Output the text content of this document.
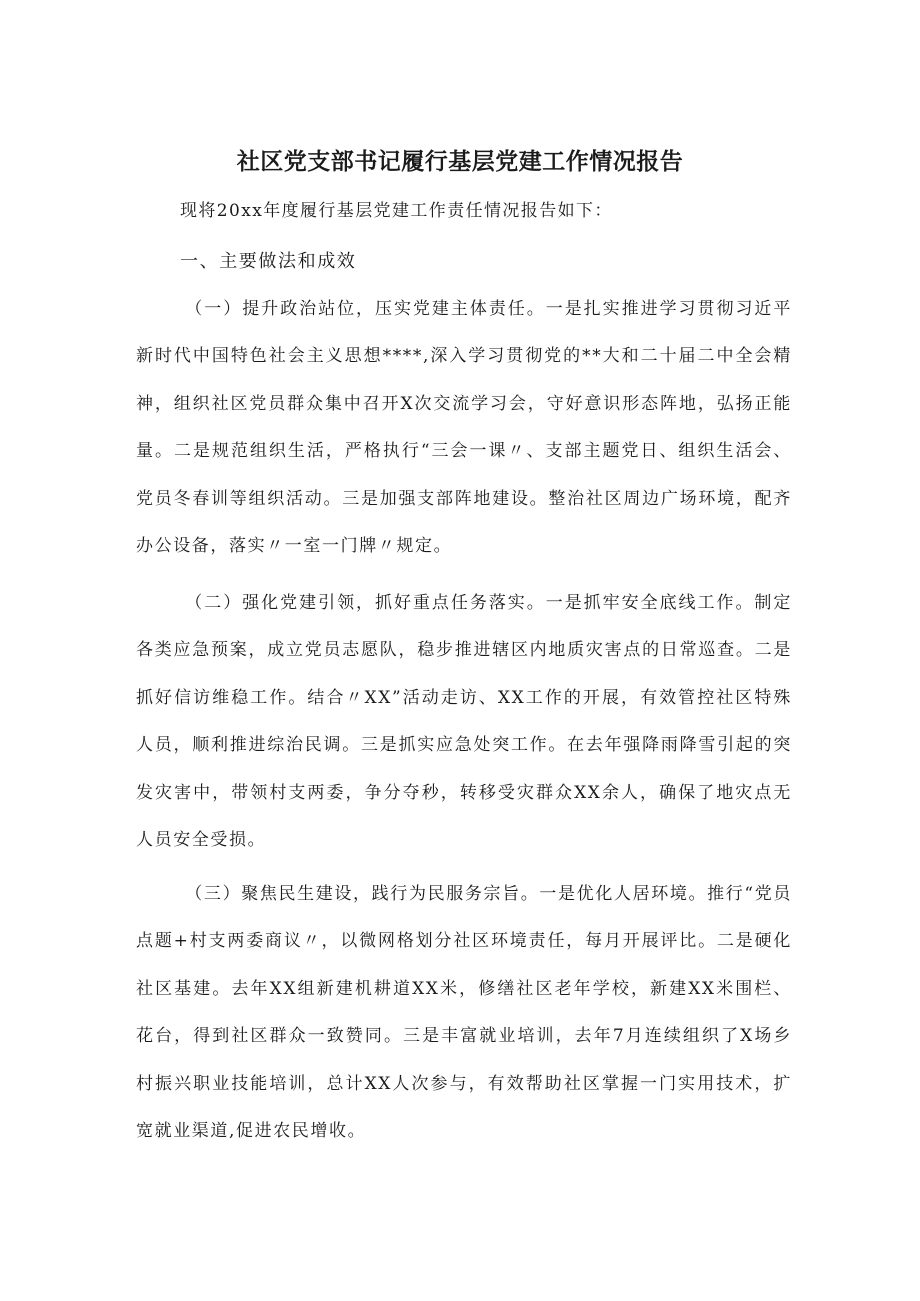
社区党支部书记履行基层党建工作情况报告

现将20xx年度履行基层党建工作责任情况报告如下：

一、主要做法和成效

（一）提升政治站位，压实党建主体责任。一是扎实推进学习贯彻习近平新时代中国特色社会主义思想****,深入学习贯彻党的**大和二十届二中全会精神，组织社区党员群众集中召开X次交流学习会，守好意识形态阵地，弘扬正能量。二是规范组织生活，严格执行“三会一课〃、支部主题党日、组织生活会、党员冬春训等组织活动。三是加强支部阵地建设。整治社区周边广场环境，配齐办公设备，落实〃一室一门牌〃规定。

（二）强化党建引领，抓好重点任务落实。一是抓牢安全底线工作。制定各类应急预案，成立党员志愿队，稳步推进辖区内地质灾害点的日常巡查。二是抓好信访维稳工作。结合〃XX”活动走访、XX工作的开展，有效管控社区特殊人员，顺利推进综治民调。三是抓实应急处突工作。在去年强降雨降雪引起的突发灾害中，带领村支两委，争分夺秒，转移受灾群众XX余人，确保了地灾点无人员安全受损。

（三）聚焦民生建设，践行为民服务宗旨。一是优化人居环境。推行“党员点题+村支两委商议〃，以微网格划分社区环境责任，每月开展评比。二是硬化社区基建。去年XX组新建机耕道XX米，修缮社区老年学校，新建XX米围栏、花台，得到社区群众一致赞同。三是丰富就业培训，去年7月连续组织了X场乡村振兴职业技能培训，总计XX人次参与，有效帮助社区掌握一门实用技术，扩宽就业渠道,促进农民增收。
